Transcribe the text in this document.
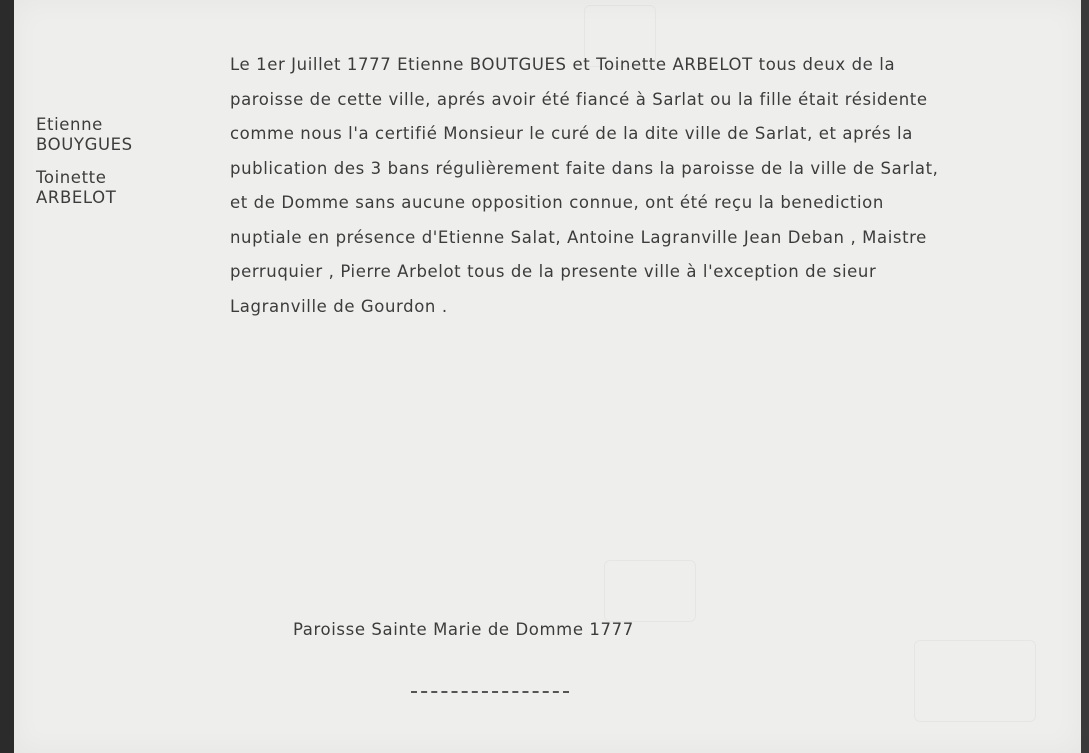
Etienne
BOUYGUES
Toinette
ARBELOT
Le 1er Juillet 1777 Etienne BOUTGUES et Toinette ARBELOT tous deux de la
paroisse de cette ville, aprés avoir été fiancé à Sarlat ou la fille était résidente
comme nous l'a certifié Monsieur le curé de la dite ville de Sarlat, et aprés la
publication des 3 bans régulièrement faite dans la paroisse de la ville de Sarlat,
et de Domme sans aucune opposition connue, ont été reçu la benediction
nuptiale en présence d'Etienne Salat, Antoine Lagranville Jean Deban , Maistre
perruquier , Pierre Arbelot tous de la presente ville à l'exception de sieur
Lagranville de Gourdon .
Paroisse Sainte Marie de Domme 1777
